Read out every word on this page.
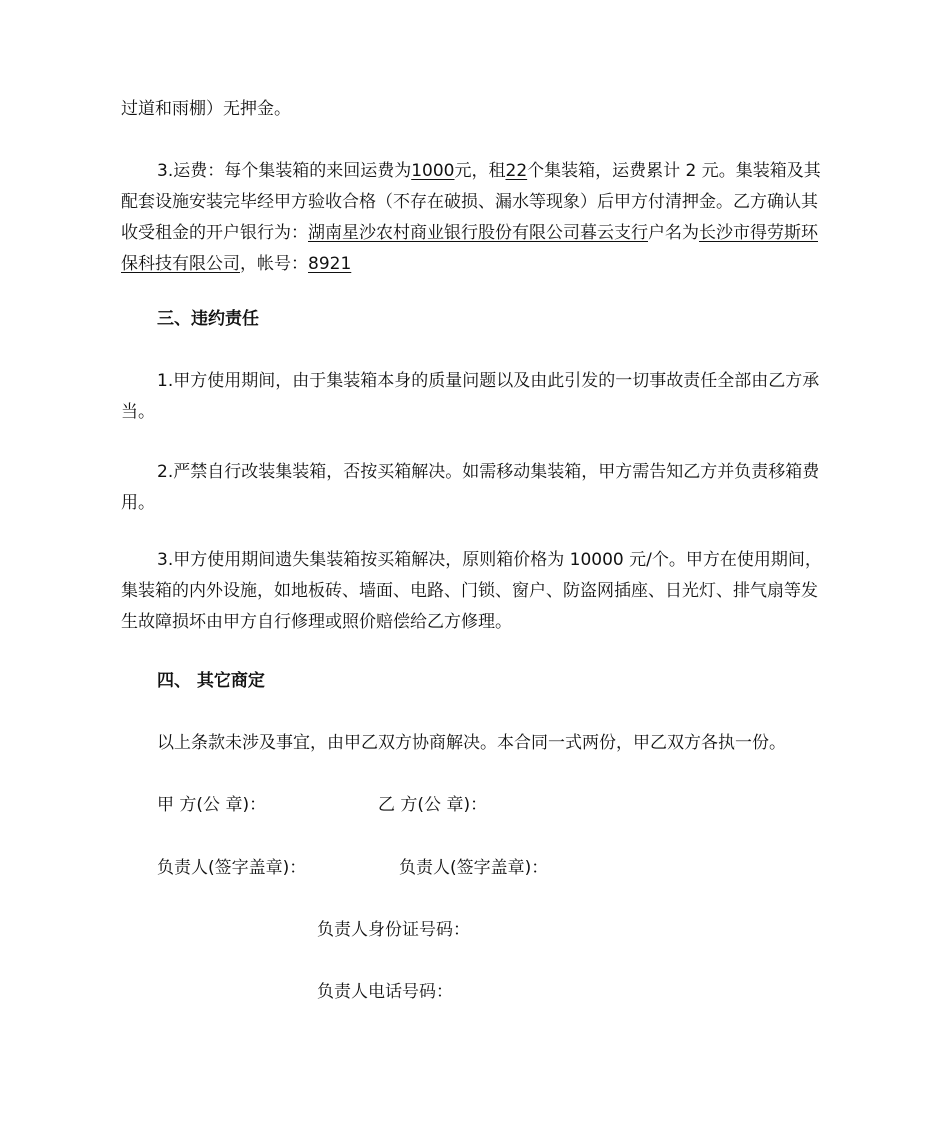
过道和雨棚）无押金。

3.运费：每个集装箱的来回运费为1000元，租22个集装箱，运费累计 2 元。集装箱及其配套设施安装完毕经甲方验收合格（不存在破损、漏水等现象）后甲方付清押金。乙方确认其收受租金的开户银行为：湖南星沙农村商业银行股份有限公司暮云支行户名为长沙市得劳斯环保科技有限公司，帐号：8921

三、违约责任

1.甲方使用期间，由于集装箱本身的质量问题以及由此引发的一切事故责任全部由乙方承当。

2.严禁自行改装集装箱，否按买箱解决。如需移动集装箱，甲方需告知乙方并负责移箱费用。

3.甲方使用期间遗失集装箱按买箱解决，原则箱价格为 10000 元/个。甲方在使用期间，集装箱的内外设施，如地板砖、墙面、电路、门锁、窗户、防盗网插座、日光灯、排气扇等发生故障损坏由甲方自行修理或照价赔偿给乙方修理。

四、 其它商定

以上条款未涉及事宜，由甲乙双方协商解决。本合同一式两份，甲乙双方各执一份。

甲 方(公 章)：	乙 方(公 章)：
负责人(签字盖章)：	负责人(签字盖章)：
负责人身份证号码：
负责人电话号码：
